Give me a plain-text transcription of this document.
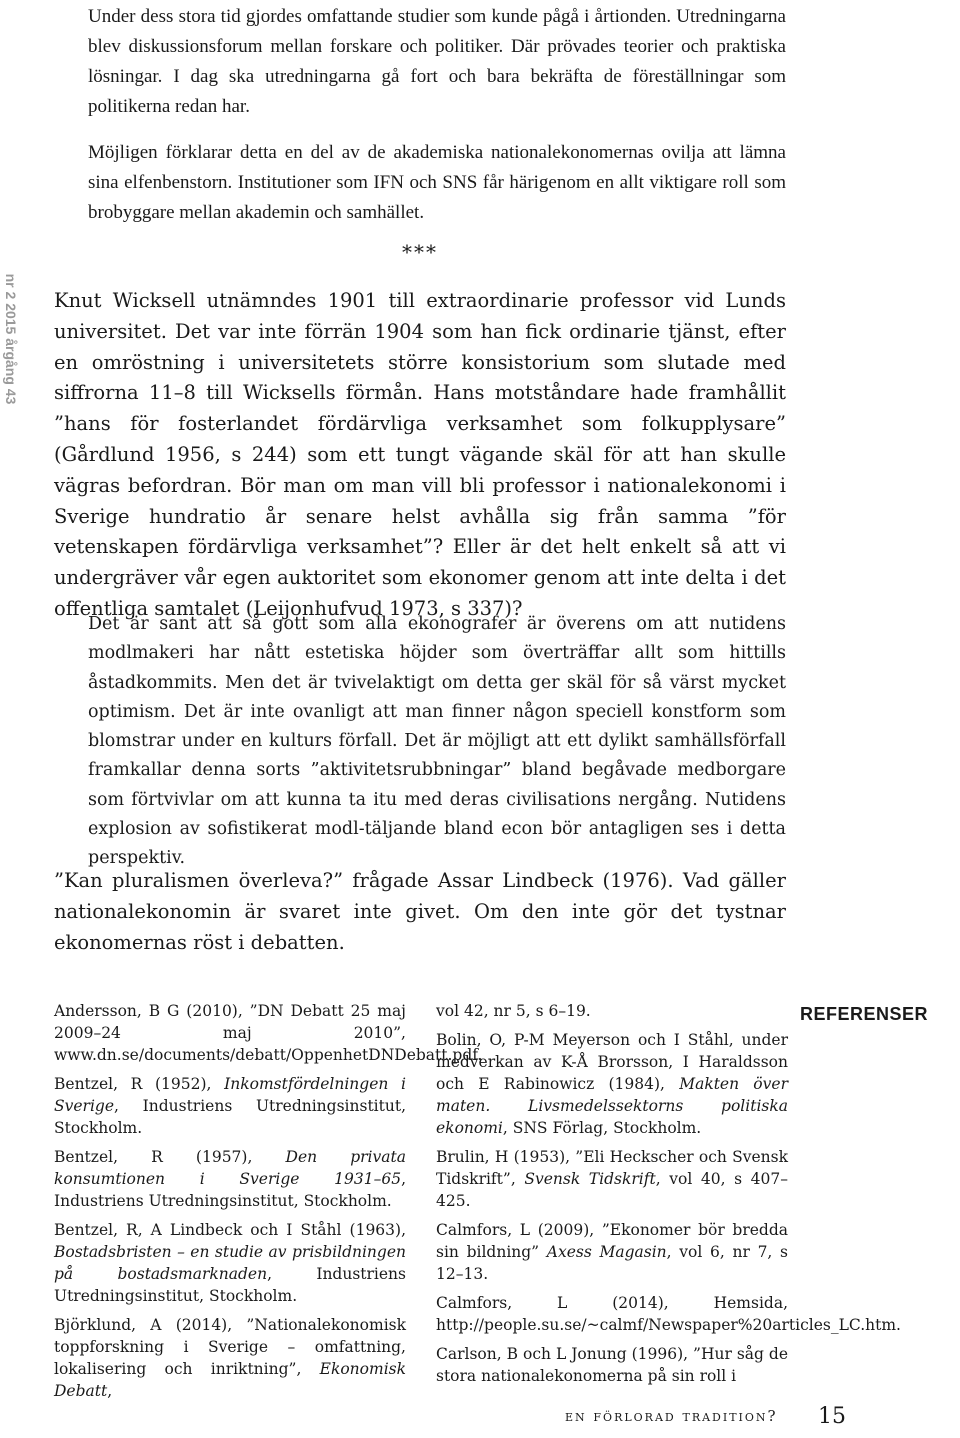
nr 2 2015 årgång 43

Under dess stora tid gjordes omfattande studier som kunde pågå i årtionden. Utredningarna blev diskussionsforum mellan forskare och politiker. Där prövades teorier och praktiska lösningar. I dag ska utredningarna gå fort och bara bekräfta de föreställningar som politikerna redan har.

Möjligen förklarar detta en del av de akademiska nationalekonomernas ovilja att lämna sina elfenbenstorn. Institutioner som IFN och SNS får härigenom en allt viktigare roll som brobyggare mellan akademin och samhället.

***
Knut Wicksell utnämndes 1901 till extraordinarie professor vid Lunds universitet. Det var inte förrän 1904 som han fick ordinarie tjänst, efter en omröstning i universitetets större konsistorium som slutade med siffrorna 11–8 till Wicksells förmån. Hans motståndare hade framhållit ”hans för fosterlandet fördärvliga verksamhet som folkupplysare” (Gårdlund 1956, s 244) som ett tungt vägande skäl för att han skulle vägras befordran. Bör man om man vill bli professor i nationalekonomi i Sverige hundratio år senare helst avhålla sig från samma ”för vetenskapen fördärvliga verksamhet”? Eller är det helt enkelt så att vi undergräver vår egen auktoritet som ekonomer genom att inte delta i det offentliga samtalet (Leijonhufvud 1973, s 337)?
Det är sant att så gott som alla ekonografer är överens om att nutidens modlmakeri har nått estetiska höjder som överträffar allt som hittills åstadkommits. Men det är tvivelaktigt om detta ger skäl för så värst mycket optimism. Det är inte ovanligt att man finner någon speciell konstform som blomstrar under en kulturs förfall. Det är möjligt att ett dylikt samhällsförfall framkallar denna sorts ”aktivitetsrubbningar” bland begåvade medborgare som förtvivlar om att kunna ta itu med deras civilisations nergång. Nutidens explosion av sofistikerat modl-täljande bland econ bör antagligen ses i detta perspektiv.
”Kan pluralismen överleva?” frågade Assar Lindbeck (1976). Vad gäller nationalekonomin är svaret inte givet. Om den inte gör det tystnar ekonomernas röst i debatten.
REFERENSER

Andersson, B G (2010), ”DN Debatt 25 maj 2009–24 maj 2010”, www.dn.se/documents/debatt/OppenhetDNDebatt.pdf.

Bentzel, R (1952), Inkomstfördelningen i Sverige, Industriens Utredningsinstitut, Stockholm.

Bentzel, R (1957), Den privata konsumtionen i Sverige 1931–65, Industriens Utredningsinstitut, Stockholm.

Bentzel, R, A Lindbeck och I Ståhl (1963), Bostadsbristen – en studie av prisbildningen på bostadsmarknaden, Industriens Utredningsinstitut, Stockholm.

Björklund, A (2014), ”Nationalekonomisk toppforskning i Sverige – omfattning, lokalisering och inriktning”, Ekonomisk Debatt,

vol 42, nr 5, s 6–19.

Bolin, O, P-M Meyerson och I Ståhl, under medverkan av K-Å Brorsson, I Haraldsson och E Rabinowicz (1984), Makten över maten. Livsmedelssektorns politiska ekonomi, SNS Förlag, Stockholm.

Brulin, H (1953), ”Eli Heckscher och Svensk Tidskrift”, Svensk Tidskrift, vol 40, s 407–425.

Calmfors, L (2009), ”Ekonomer bör bredda sin bildning” Axess Magasin, vol 6, nr 7, s 12–13.

Calmfors, L (2014), Hemsida, http://people.su.se/~calmf/Newspaper%20articles_LC.htm.

Carlson, B och L Jonung (1996), ”Hur såg de stora nationalekonomerna på sin roll i

en förlorad tradition? 15
